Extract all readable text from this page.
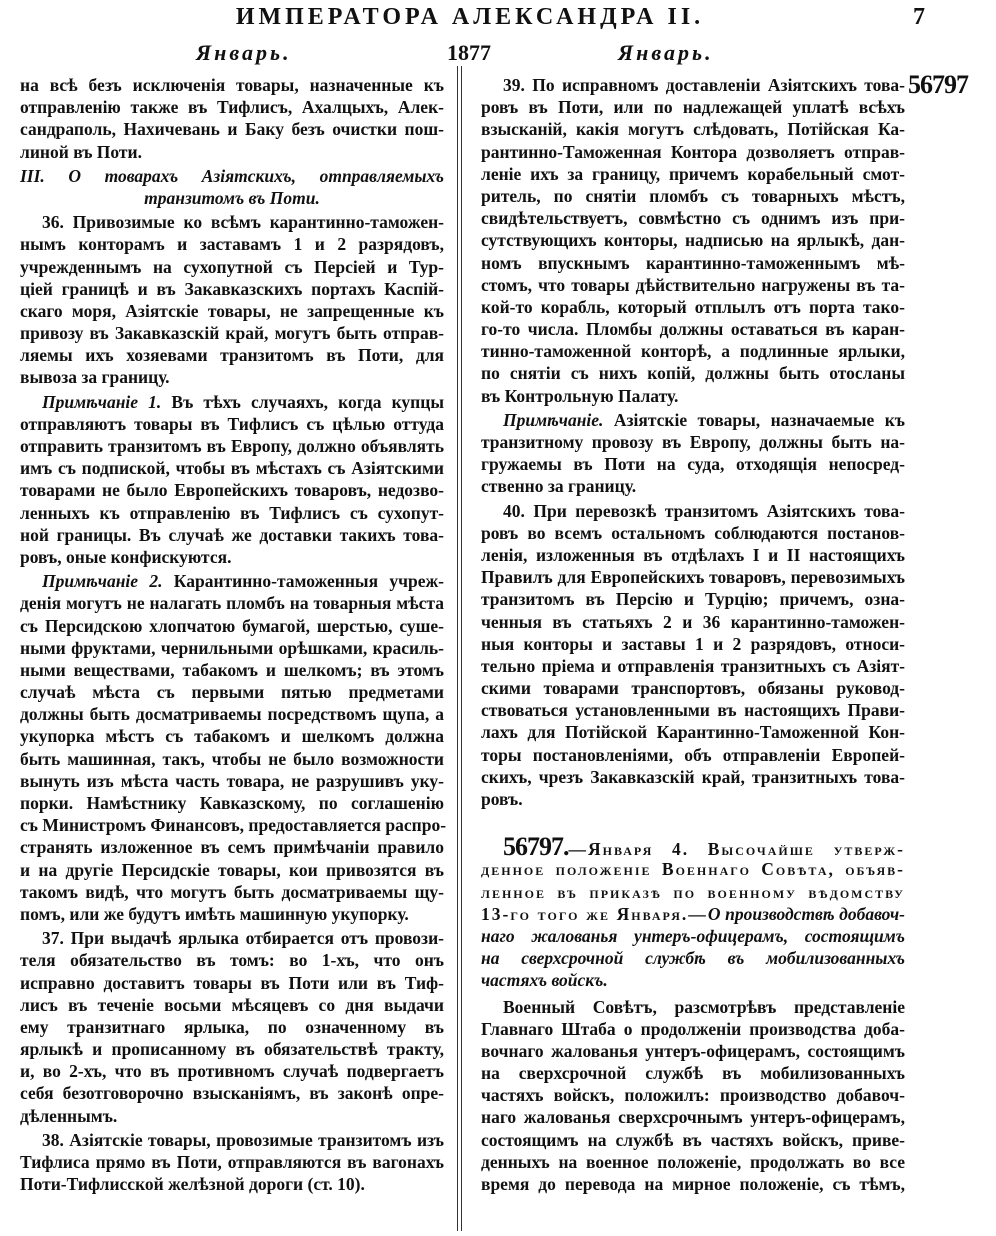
ИМПЕРАТОРА АЛЕКСАНДРА II.	7
Январь.	1877	Январь.
56797
на всѣ безъ исключенія товары, назначенные къ
отправленію также въ Тифлисъ, Ахалцыхъ, Алек-
сандраполь, Нахичевань и Баку безъ очистки пош-
линой въ Поти.
III. О товарахъ Азіятскихъ, отправляемыхъ
транзитомъ въ Поти.
36. Привозимые ко всѣмъ карантинно-таможен-
нымъ конторамъ и заставамъ 1 и 2 разрядовъ,
учрежденнымъ на сухопутной съ Персіей и Тур-
ціей границѣ и въ Закавказскихъ портахъ Каспій-
скаго моря, Азіятскіе товары, не запрещенные къ
привозу въ Закавказскій край, могутъ быть отправ-
ляемы ихъ хозяевами транзитомъ въ Поти, для
вывоза за границу.
Примѣчаніе 1. Въ тѣхъ случаяхъ, когда купцы
отправляютъ товары въ Тифлисъ съ цѣлью оттуда
отправить транзитомъ въ Европу, должно объявлять
имъ съ подпиской, чтобы въ мѣстахъ съ Азіятскими
товарами не было Европейскихъ товаровъ, недозво-
ленныхъ къ отправленію въ Тифлисъ съ сухопут-
ной границы. Въ случаѣ же доставки такихъ това-
ровъ, оные конфискуются.
Примѣчаніе 2. Карантинно-таможенныя учреж-
денія могутъ не налагать пломбъ на товарныя мѣста
съ Персидскою хлопчатою бумагой, шерстью, суше-
ными фруктами, чернильными орѣшками, красиль-
ными веществами, табакомъ и шелкомъ; въ этомъ
случаѣ мѣста съ первыми пятью предметами
должны быть досматриваемы посредствомъ щупа, а
укупорка мѣстъ съ табакомъ и шелкомъ должна
быть машинная, такъ, чтобы не было возможности
вынуть изъ мѣста часть товара, не разрушивъ уку-
порки. Намѣстнику Кавказскому, по соглашенію
съ Министромъ Финансовъ, предоставляется распро-
странять изложенное въ семъ примѣчаніи правило
и на другіе Персидскіе товары, кои привозятся въ
такомъ видѣ, что могутъ быть досматриваемы щу-
помъ, или же будутъ имѣть машинную укупорку.
37. При выдачѣ ярлыка отбирается отъ провози-
теля обязательство въ томъ: во 1-хъ, что онъ
исправно доставитъ товары въ Поти или въ Тиф-
лисъ въ теченіе восьми мѣсяцевъ со дня выдачи
ему транзитнаго ярлыка, по означенному въ
ярлыкѣ и прописанному въ обязательствѣ тракту,
и, во 2-хъ, что въ противномъ случаѣ подвергаетъ
себя безотговорочно взысканіямъ, въ законѣ опре-
дѣленнымъ.
38. Азіятскіе товары, провозимые транзитомъ изъ
Тифлиса прямо въ Поти, отправляются въ вагонахъ
Поти-Тифлисской желѣзной дороги (ст. 10).
39. По исправномъ доставленіи Азіятскихъ това-
ровъ въ Поти, или по надлежащей уплатѣ всѣхъ
взысканій, какія могутъ слѣдовать, Потійская Ка-
рантинно-Таможенная Контора дозволяетъ отправ-
леніе ихъ за границу, причемъ корабельный смот-
ритель, по снятіи пломбъ съ товарныхъ мѣстъ,
свидѣтельствуетъ, совмѣстно съ однимъ изъ при-
сутствующихъ конторы, надписью на ярлыкѣ, дан-
номъ впускнымъ карантинно-таможеннымъ мѣ-
стомъ, что товары дѣйствительно нагружены въ та-
кой-то корабль, который отплылъ отъ порта тако-
го-то числа. Пломбы должны оставаться въ каран-
тинно-таможенной конторѣ, а подлинные ярлыки,
по снятіи съ нихъ копій, должны быть отосланы
въ Контрольную Палату.
Примѣчаніе. Азіятскіе товары, назначаемые къ
транзитному провозу въ Европу, должны быть на-
гружаемы въ Поти на суда, отходящія непосред-
ственно за границу.
40. При перевозкѣ транзитомъ Азіятскихъ това-
ровъ во всемъ остальномъ соблюдаются постанов-
ленія, изложенныя въ отдѣлахъ I и II настоящихъ
Правилъ для Европейскихъ товаровъ, перевозимыхъ
транзитомъ въ Персію и Турцію; причемъ, озна-
ченныя въ статьяхъ 2 и 36 карантинно-таможен-
ныя конторы и заставы 1 и 2 разрядовъ, относи-
тельно пріема и отправленія транзитныхъ съ Азіят-
скими товарами транспортовъ, обязаны руковод-
ствоваться установленными въ настоящихъ Прави-
лахъ для Потійской Карантинно-Таможенной Кон-
торы постановленіями, объ отправленіи Европей-
скихъ, чрезъ Закавказскій край, транзитныхъ това-
ровъ.
56797.—Января 4. Высочайше утверж-
денное положеніе Военнаго Совѣта, объяв-
ленное въ приказѣ по военному вѣдомству
13-го того же Января.—О производствѣ добавоч-
наго жалованья унтеръ-офицерамъ, состоящимъ
на сверхсрочной службѣ въ мобилизованныхъ
частяхъ войскъ.
Военный Совѣтъ, разсмотрѣвъ представленіе
Главнаго Штаба о продолженіи производства доба-
вочнаго жалованья унтеръ-офицерамъ, состоящимъ
на сверхсрочной службѣ въ мобилизованныхъ
частяхъ войскъ, положилъ: производство добавоч-
наго жалованья сверхсрочнымъ унтеръ-офицерамъ,
состоящимъ на службѣ въ частяхъ войскъ, приве-
денныхъ на военное положеніе, продолжать во все
время до перевода на мирное положеніе, съ тѣмъ,
